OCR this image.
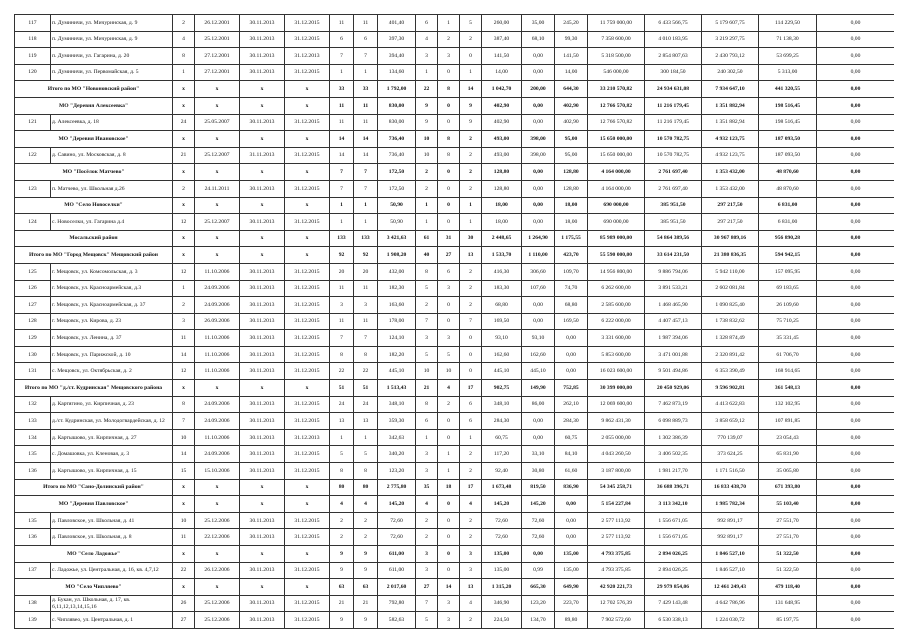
117	п. Думиничи, ул. Мичуринская, д. 9	2	26.12.2001	30.11.2013	31.12.2015	11	11	401,40	6	1	5	260,00	35,00	245,20	11 759 000,00	6 433 566,75	5 179 607,75	114 229,50	0,00
118	п. Думиничи, ул. Мичуринская, д. 9	4	25.12.2001	30.11.2013	31.12.2015	6	6	397,30	4	2	2	387,40	68,10	99,30	7 358 600,00	4 010 183,95	3 219 297,75	71 138,30	0,00
119	п. Думиничи, ул. Гагарина, д. 20	8	27.12.2001	30.11.2013	31.12.2013	7	7	394,40	3	3	0	141,50	0,00	141,50	5 318 500,00	2 854 807,63	2 430 793,12	53 699,25	0,00
120	п. Думиничи, ул. Первомайская, д. 5	1	27.12.2001	30.11.2013	31.12.2015	1	1	134,60	1	0	1	14,00	0,00	14,00	546 000,00	300 184,50	240 302,50	5 313,00	0,00
Итого по МО "Новоновский район"		x	x	x	x	33	33	1 792,00	22	8	14	1 042,70	200,00	644,30	33 210 570,82	24 934 631,08	7 934 647,10	441 320,55	0,00
МО "Деревня Алексеевка"		x	x	x	x	11	11	830,00	9	0	9	402,90	0,00	402,90	12 766 570,82	11 216 179,45	1 351 882,94	198 516,45	0,00
121	д. Алексеевка, д. 18	24	25.05.2007	30.11.2013	31.12.2015	11	11	830,00	9	0	9	402,90	0,00	402,90	12 766 570,82	11 216 179,45	1 351 882,94	198 516,45	0,00
МО "Деревня Ивановское"		x	x	x	x	14	14	736,40	10	8	2	493,00	398,00	95,00	15 650 000,00	10 570 782,75	4 932 123,75	187 093,50	0,00
122	д. Савино, ул. Московская, д. 8	21	25.12.2007	31.11.2013	31.12.2015	14	14	736,40	10	8	2	493,00	398,00	95,00	15 650 000,00	10 570 782,75	4 932 123,75	187 093,50	0,00
МО "Посёлок Матчево"		x	x	x	x	7	7	172,50	2	0	2	128,80	0,00	128,80	4 164 000,00	2 761 697,40	1 353 432,00	48 870,60	0,00
123	п. Матчево, ул. Школьная д.26	2	24.11.2011	30.11.2013	31.12.2015	7	7	172,50	2	0	2	128,80	0,00	128,80	4 164 000,00	2 761 697,40	1 353 432,00	48 870,60	0,00
МО "Село Новоселки"		x	x	x	x	1	1	50,90	1	0	1	18,00	0,00	18,00	690 000,00	385 951,50	297 217,50	6 831,00	0,00
124	с. Новоселки, ул. Гагарина д.4	12	25.12.2007	30.11.2013	31.12.2015	1	1	50,90	1	0	1	18,00	0,00	18,00	690 000,00	385 951,50	297 217,50	6 831,00	0,00
Мосальский район		x	x	x	x	133	133	3 421,63	61	31	30	2 448,65	1 264,90	1 175,55	85 989 000,00	54 864 389,56	30 967 809,16	956 890,28	0,00
Итого по МО "Город Мещовск" Мещовский район		x	x	x	x	92	92	1 908,20	40	27	13	1 533,70	1 110,00	423,70	55 590 000,00	33 614 231,50	21 380 836,35	594 942,15	0,00
125	г. Мещовск, ул. Комсомольская, д. 3	12	11.10.2006	30.11.2013	31.12.2015	20	20	432,00	8	6	2	416,30	306,60	109,70	14 956 800,00	9 886 794,06	5 942 110,00	157 095,95	0,00
126	г. Мещовск, ул. Красноармейская, д.3	1	24.09.2006	30.11.2013	31.12.2015	11	11	182,30	5	3	2	183,30	107,60	74,70	6 262 600,00	3 891 533,21	2 602 081,84	69 183,65	0,00
127	г. Мещовск, ул. Красноармейская, д. 37	2	24.09.2006	30.11.2013	31.12.2015	3	3	163,60	2	0	2	68,80	0,00	68,80	2 585 600,00	1 468 465,90	1 090 825,40	26 109,60	0,00
128	г. Мещовск, ул. Кирова, д. 23	3	26.09.2006	30.11.2013	31.12.2015	11	11	178,00	7	0	7	169,50	0,00	169,50	6 222 000,00	4 407 457,13	1 738 832,62	75 710,25	0,00
129	г. Мещовск, ул. Ленина, д. 37	11	11.10.2006	30.11.2013	31.12.2015	7	7	124,10	3	3	0	93,10	93,10	0,00	3 331 600,00	1 987 394,06	1 328 874,49	35 331,45	0,00
130	г. Мещовск, ул. Парижской, д. 10	14	11.10.2006	30.11.2013	31.12.2015	8	8	182,20	5	5	0	162,60	162,60	0,00	5 853 600,00	3 471 001,88	2 320 891,42	61 706,70	0,00
131	с. Мещовск, ул. Октябрьская, д. 2	12	11.10.2006	30.11.2013	31.12.2015	22	22	445,10	10	10	0	445,10	445,10	0,00	16 023 600,00	9 501 494,86	6 353 390,49	168 914,65	0,00
Итого по МО "д./ст. Кудринская" Мещовского района		x	x	x	x	51	51	1 513,43	21	4	17	902,75	149,90	752,85	30 399 000,00	20 450 929,06	9 596 902,81	361 548,13	0,00
132	д. Картягино, ул. Кирпичная, д. 23	8	24.09.2006	30.11.2013	31.12.2015	24	24	348,10	8	2	6	348,10	86,00	262,10	12 069 600,00	7 462 873,19	4 413 622,83	132 102,95	0,00
133	д./ст. Кудринская, ул. Молодогвардейская, д. 12	7	24.09.2006	30.11.2013	31.12.2015	13	13	359,30	6	0	6	284,30	0,00	284,30	9 862 431,30	6 098 889,73	3 858 659,12	107 891,85	0,00
134	д. Картышово, ул. Кирпичная, д. 27	10	11.10.2006	30.11.2013	31.12.2013	1	1	342,63	1	0	1	60,75	0,00	60,75	2 055 000,00	1 302 386,39	770 139,07	23 054,43	0,00
135	с. Домашовка, ул. Кленовая, д. 3	14	24.09.2006	30.11.2013	31.12.2015	5	5	340,20	3	1	2	117,20	33,10	84,10	4 043 260,50	3 406 502,35	373 624,25	65 831,90	0,00
136	д. Картышово, ул. Кирпичная, д. 15	15	15.10.2006	30.11.2013	31.12.2015	8	8	123,20	3	1	2	92,40	30,80	61,60	3 187 800,00	1 981 217,70	1 171 516,50	35 065,80	0,00
Итого по МО "Сано-Долинский район"		x	x	x	x	80	80	2 775,80	35	18	17	1 673,48	819,50	836,90	54 345 258,71	36 688 396,71	16 833 438,70	671 393,80	0,00
МО "Деревня Павловское"		x	x	x	x	4	4	145,20	4	0	4	145,20	145,20	0,00	5 154 227,84	3 113 342,10	1 985 782,34	55 103,40	0,00
135	д. Павловское, ул. Школьная, д. 41	10	25.12.2006	30.11.2013	31.12.2015	2	2	72,60	2	0	2	72,60	72,60	0,00	2 577 113,92	1 556 671,05	992 891,17	27 551,70	0,00
136	д. Павловское, ул. Школьная, д. 8	11	22.12.2006	30.11.2013	31.12.2015	2	2	72,60	2	0	2	72,60	72,60	0,00	2 577 113,92	1 556 671,05	992 891,17	27 551,70	0,00
МО "Село Ладожье"		x	x	x	x	9	9	611,00	3	0	3	135,00	0,00	135,00	4 793 375,85	2 894 026,25	1 846 527,10	51 322,50	0,00
137	с. Ладожье, ул. Центральная, д. 16, кв. 4,7,12	22	26.12.2006	30.11.2013	31.12.2015	9	9	611,00	3	0	3	135,00	0,99	135,00	4 793 375,85	2 894 026,25	1 846 527,10	51 322,50	0,00
МО "Село Чипляево"		x	x	x	x	63	63	2 017,60	27	14	13	1 315,20	665,30	649,90	42 920 221,73	29 979 854,06	12 461 249,43	479 118,40	0,00
138	д. Букан, ул. Школьная, д. 17, кв. 6,11,12,13,14,15,16	26	25.12.2006	30.11.2013	31.12.2015	21	21	792,80	7	3	4	346,90	123,20	223,70	12 702 576,39	7 429 143,48	4 642 786,96	131 648,95	0,00
139	с. Чиплявео, ул. Центральная, д. 1	27	25.12.2006	30.11.2013	31.12.2015	9	9	582,63	5	3	2	224,50	134,70	89,80	7 902 572,60	6 530 338,13	1 224 030,72	85 197,75	0,00
